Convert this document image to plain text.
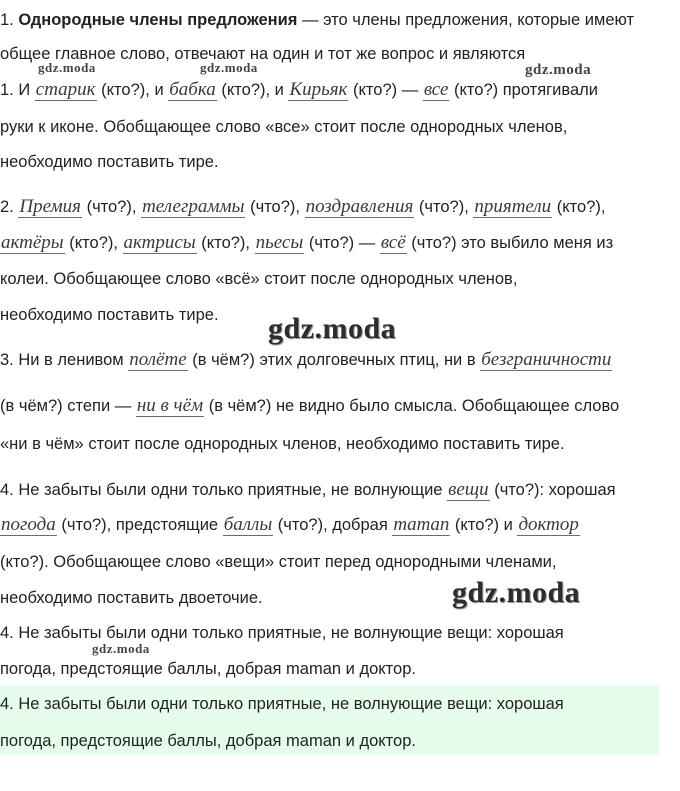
1. Однородные члены предложения — это члены предложения, которые имеют
общее главное слово, отвечают на один и тот же вопрос и являются
1. И старик (кто?), и бабка (кто?), и Кирьяк (кто?) — все (кто?) протягивали
руки к иконе. Обобщающее слово «все» стоит после однородных членов,
необходимо поставить тире.
2. Премия (что?), телеграммы (что?), поздравления (что?), приятели (кто?),
актёры (кто?), актрисы (кто?), пьесы (что?) — всё (что?) это выбило меня из
колеи. Обобщающее слово «всё» стоит после однородных членов,
необходимо поставить тире.
3. Ни в ленивом полёте (в чём?) этих долговечных птиц, ни в безграничности
(в чём?) степи — ни в чём (в чём?) не видно было смысла. Обобщающее слово
«ни в чём» стоит после однородных членов, необходимо поставить тире.
4. Не забыты были одни только приятные, не волнующие вещи (что?): хорошая
погода (что?), предстоящие баллы (что?), добрая maman (кто?) и доктор
(кто?). Обобщающее слово «вещи» стоит перед однородными членами,
необходимо поставить двоеточие.
4. Не забыты были одни только приятные, не волнующие вещи: хорошая
погода, предстоящие баллы, добрая maman и доктор.
4. Не забыты были одни только приятные, не волнующие вещи: хорошая
погода, предстоящие баллы, добрая maman и доктор.
gdz.moda	gdz.moda	gdz.moda
gdz.moda
gdz.moda
gdz.moda
